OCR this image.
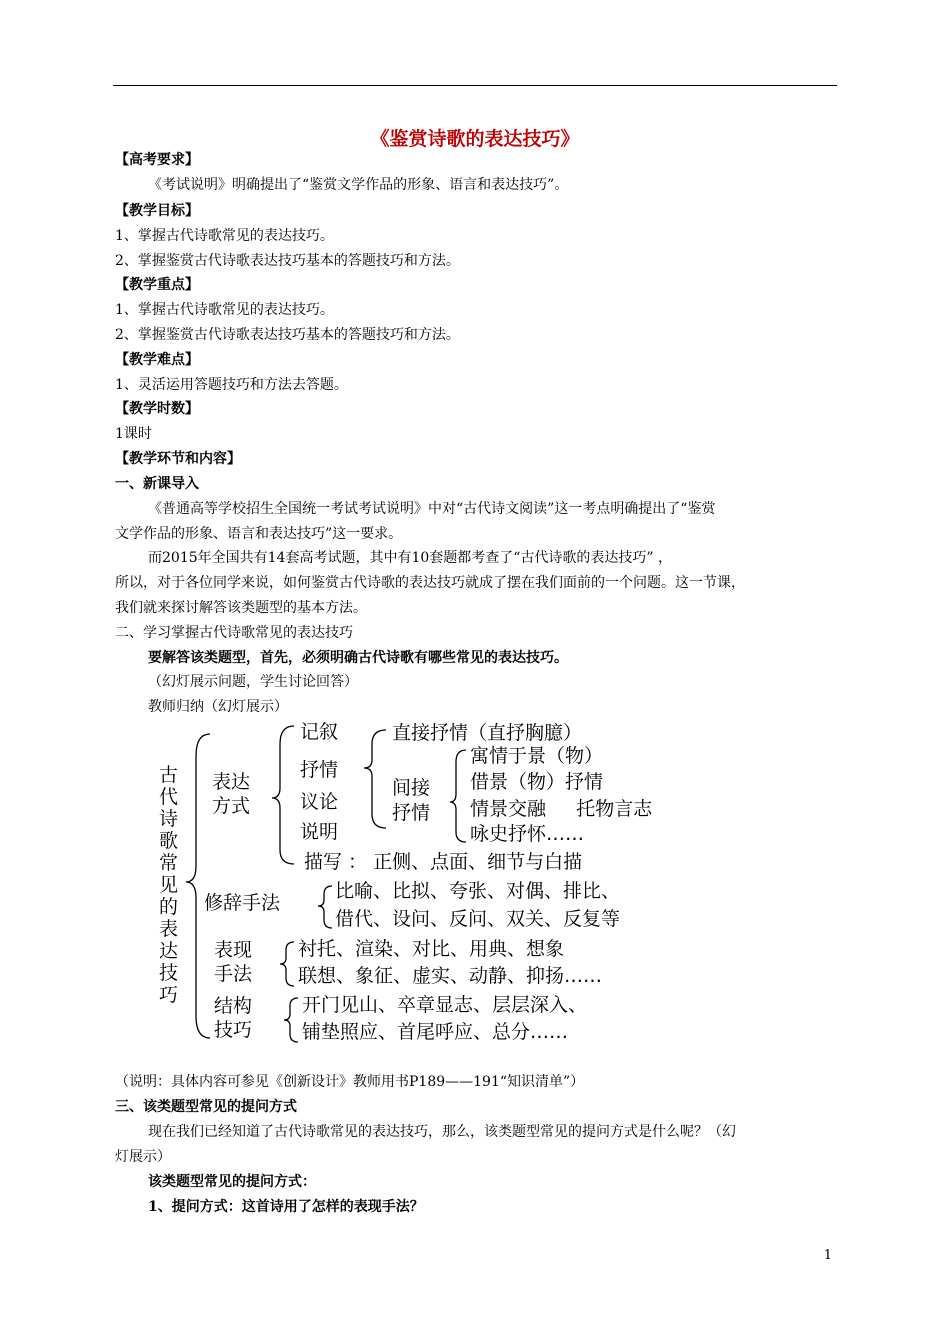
《鉴赏诗歌的表达技巧》
【高考要求】
《考试说明》明确提出了“鉴赏文学作品的形象、语言和表达技巧”。
【教学目标】
1、掌握古代诗歌常见的表达技巧。
2、掌握鉴赏古代诗歌表达技巧基本的答题技巧和方法。
【教学重点】
1、掌握古代诗歌常见的表达技巧。
2、掌握鉴赏古代诗歌表达技巧基本的答题技巧和方法。
【教学难点】
1、灵活运用答题技巧和方法去答题。
【教学时数】
1课时
【教学环节和内容】
一、新课导入
《普通高等学校招生全国统一考试考试说明》中对“古代诗文阅读”这一考点明确提出了“鉴赏
文学作品的形象、语言和表达技巧”这一要求。
而2015年全国共有14套高考试题，其中有10套题都考查了“古代诗歌的表达技巧” ，
所以，对于各位同学来说，如何鉴赏古代诗歌的表达技巧就成了摆在我们面前的一个问题。这一节课，
我们就来探讨解答该类题型的基本方法。
二、学习掌握古代诗歌常见的表达技巧
要解答该类题型，首先，必须明确古代诗歌有哪些常见的表达技巧。
（幻灯展示问题，学生讨论回答）
教师归纳（幻灯展示）
古
代
诗
歌
常
见
的
表
达
技
巧
表达
方式
记叙
抒情
议论
说明
直接抒情（直抒胸臆）
间接
抒情
寓情于景（物）
借景（物）抒情
情景交融     托物言志
咏史抒怀……
描写 ： 正侧、点面、细节与白描
修辞手法
比喻、比拟、夸张、对偶、排比、
借代、设问、反问、双关、反复等
表现
手法
衬托、渲染、对比、用典、想象
联想、象征、虚实、动静、抑扬……
结构
技巧
开门见山、卒章显志、层层深入、
铺垫照应、首尾呼应、总分……
（说明：具体内容可参见《创新设计》教师用书P189——191“知识清单”）
三、该类题型常见的提问方式
现在我们已经知道了古代诗歌常见的表达技巧，那么，该类题型常见的提问方式是什么呢？（幻
灯展示）
该类题型常见的提问方式：
1、提问方式：这首诗用了怎样的表现手法？
1
